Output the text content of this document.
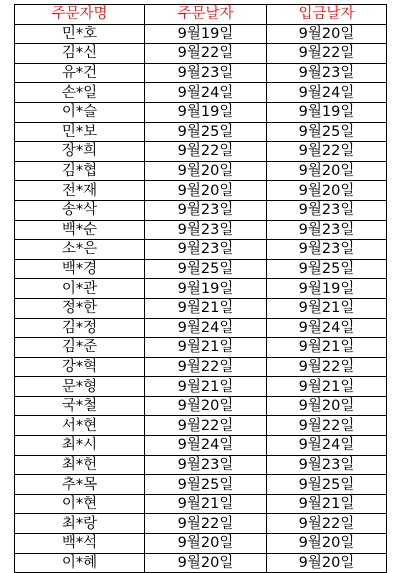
주문자명	주문날자	입금날자
민*호	9월19일	9월20일
김*신	9월22일	9월22일
유*건	9월23일	9월23일
손*일	9월24일	9월24일
이*슬	9월19일	9월19일
민*보	9월25일	9월25일
장*희	9월22일	9월22일
김*협	9월20일	9월20일
전*재	9월20일	9월20일
송*삭	9월23일	9월23일
백*순	9월23일	9월23일
소*은	9월23일	9월23일
백*경	9월25일	9월25일
이*관	9월19일	9월19일
정*한	9월21일	9월21일
김*정	9월24일	9월24일
김*준	9월21일	9월21일
강*혁	9월22일	9월22일
문*형	9월21일	9월21일
국*철	9월20일	9월20일
서*현	9월22일	9월22일
최*시	9월24일	9월24일
최*헌	9월23일	9월23일
추*목	9월25일	9월25일
이*현	9월21일	9월21일
최*랑	9월22일	9월22일
백*석	9월20일	9월20일
이*혜	9월20일	9월20일
